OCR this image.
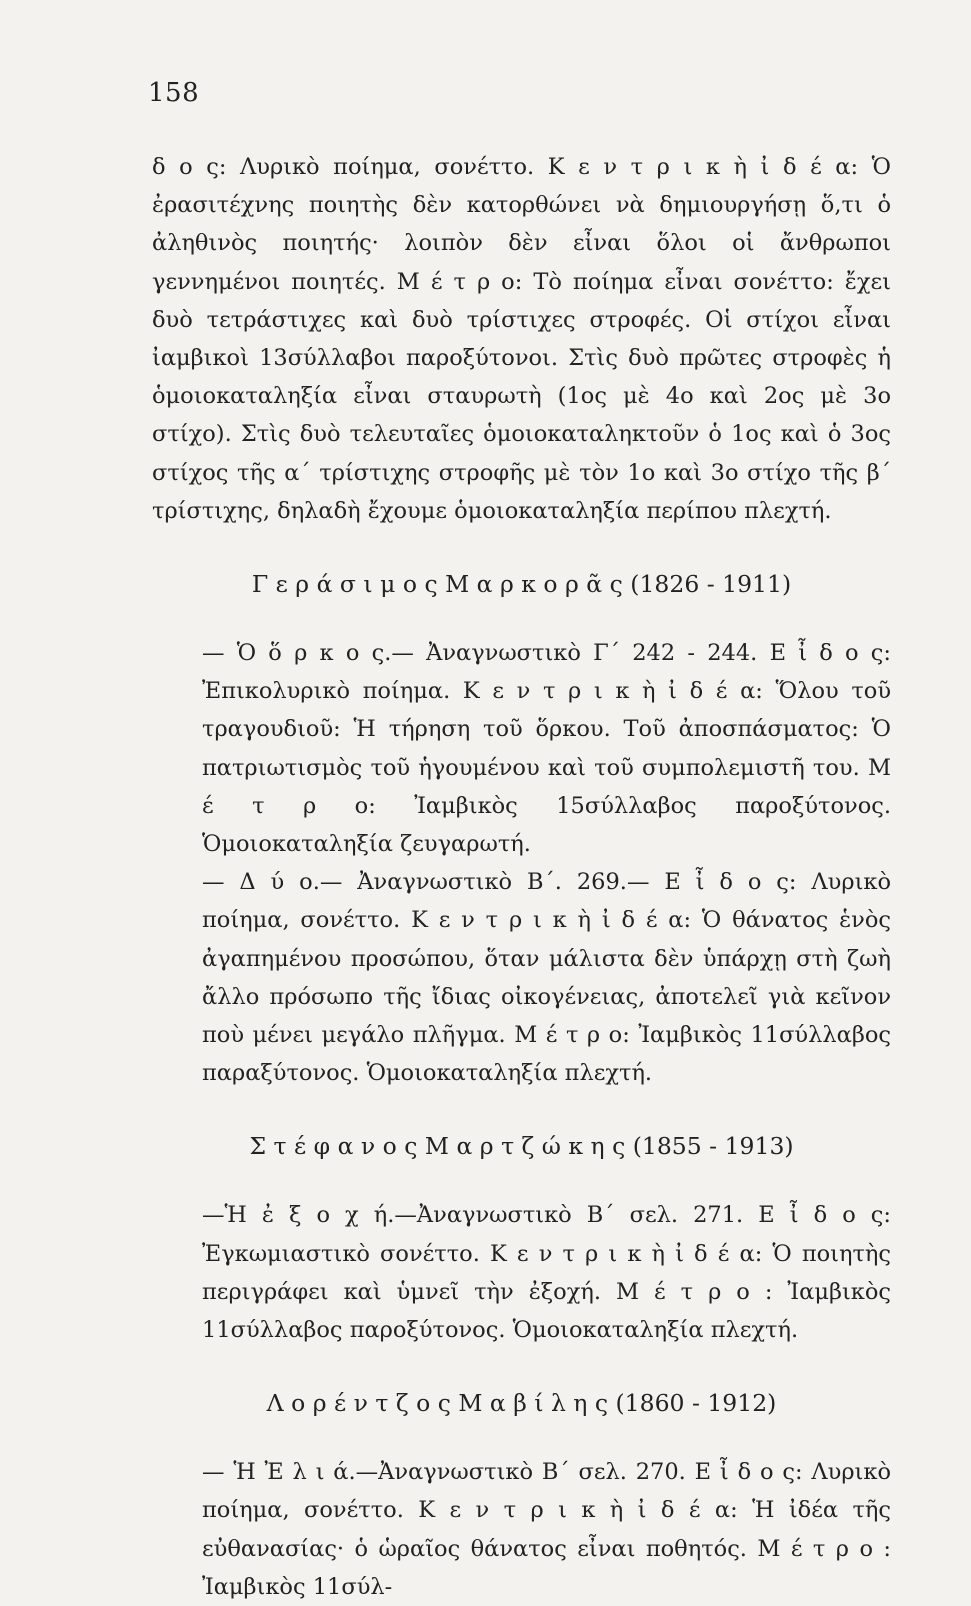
158

δ ο ς: Λυρικὸ ποίημα, σονέττο. Κ ε ν τ ρ ι κ ὴ ἰ δ έ α: Ὁ ἐρασιτέχνης ποιητὴς δὲν κατορθώνει νὰ δημιουργήσῃ ὅ,τι ὁ ἀληθινὸς ποιητής· λοιπὸν δὲν εἶναι ὅλοι οἱ ἄνθρωποι γεννημένοι ποιητές. Μ έ τ ρ ο: Τὸ ποίημα εἶναι σονέττο: ἔχει δυὸ τετράστιχες καὶ δυὸ τρίστιχες στροφές. Οἱ στίχοι εἶναι ἰαμβικοὶ 13σύλλαβοι παροξύτονοι. Στὶς δυὸ πρῶτες στροφὲς ἡ ὁμοιοκαταληξία εἶναι σταυρωτὴ (1ος μὲ 4ο καὶ 2ος μὲ 3ο στίχο). Στὶς δυὸ τελευταῖες ὁμοιοκαταληκτοῦν ὁ 1ος καὶ ὁ 3ος στίχος τῆς α΄ τρίστιχης στροφῆς μὲ τὸν 1ο καὶ 3ο στίχο τῆς β΄ τρίστιχης, δηλαδὴ ἔχουμε ὁμοιοκαταληξία περίπου πλεχτή.

Γ ε ρ ά σ ι μ ο ς Μ α ρ κ ο ρ ᾶ ς (1826 - 1911)

— Ὁ ὅ ρ κ ο ς.— Ἀναγνωστικὸ Γ΄ 242 - 244. Ε ἶ δ ο ς: Ἐπικολυρικὸ ποίημα. Κ ε ν τ ρ ι κ ὴ ἰ δ έ α: Ὅλου τοῦ τραγουδιοῦ: Ἡ τήρηση τοῦ ὅρκου. Τοῦ ἀποσπάσματος: Ὁ πατριωτισμὸς τοῦ ἡγουμένου καὶ τοῦ συμπολεμιστῆ του. Μ έ τ ρ ο: Ἰαμβικὸς 15σύλλαβος παροξύτονος. Ὁμοιοκαταληξία ζευγαρωτή.

— Δ ύ ο.— Ἀναγνωστικὸ Β΄. 269.— Ε ἶ δ ο ς: Λυρικὸ ποίημα, σονέττο. Κ ε ν τ ρ ι κ ὴ ἰ δ έ α: Ὁ θάνατος ἑνὸς ἀγαπημένου προσώπου, ὅταν μάλιστα δὲν ὑπάρχῃ στὴ ζωὴ ἄλλο πρόσωπο τῆς ἴδιας οἰκογένειας, ἀποτελεῖ γιὰ κεῖνον ποὺ μένει μεγάλο πλῆγμα. Μ έ τ ρ ο: Ἰαμβικὸς 11σύλλαβος παραξύτονος. Ὁμοιοκαταληξία πλεχτή.

Σ τ έ φ α ν ο ς Μ α ρ τ ζ ώ κ η ς (1855 - 1913)

—Ἡ ἐ ξ ο χ ή.—Ἀναγνωστικὸ Β΄ σελ. 271. Ε ἶ δ ο ς: Ἐγκωμιαστικὸ σονέττο. Κ ε ν τ ρ ι κ ὴ ἰ δ έ α: Ὁ ποιητὴς περιγράφει καὶ ὑμνεῖ τὴν ἐξοχή. Μ έ τ ρ ο : Ἰαμβικὸς 11σύλλαβος παροξύτονος. Ὁμοιοκαταληξία πλεχτή.

Λ ο ρ έ ν τ ζ ο ς Μ α β ί λ η ς (1860 - 1912)

— Ἡ Ἐ λ ι ά.—Ἀναγνωστικὸ Β΄ σελ. 270. Ε ἶ δ ο ς: Λυρικὸ ποίημα, σονέττο. Κ ε ν τ ρ ι κ ὴ ἰ δ έ α: Ἡ ἰδέα τῆς εὐθανασίας· ὁ ὡραῖος θάνατος εἶναι ποθητός. Μ έ τ ρ ο : Ἰαμβικὸς 11σύλ-
